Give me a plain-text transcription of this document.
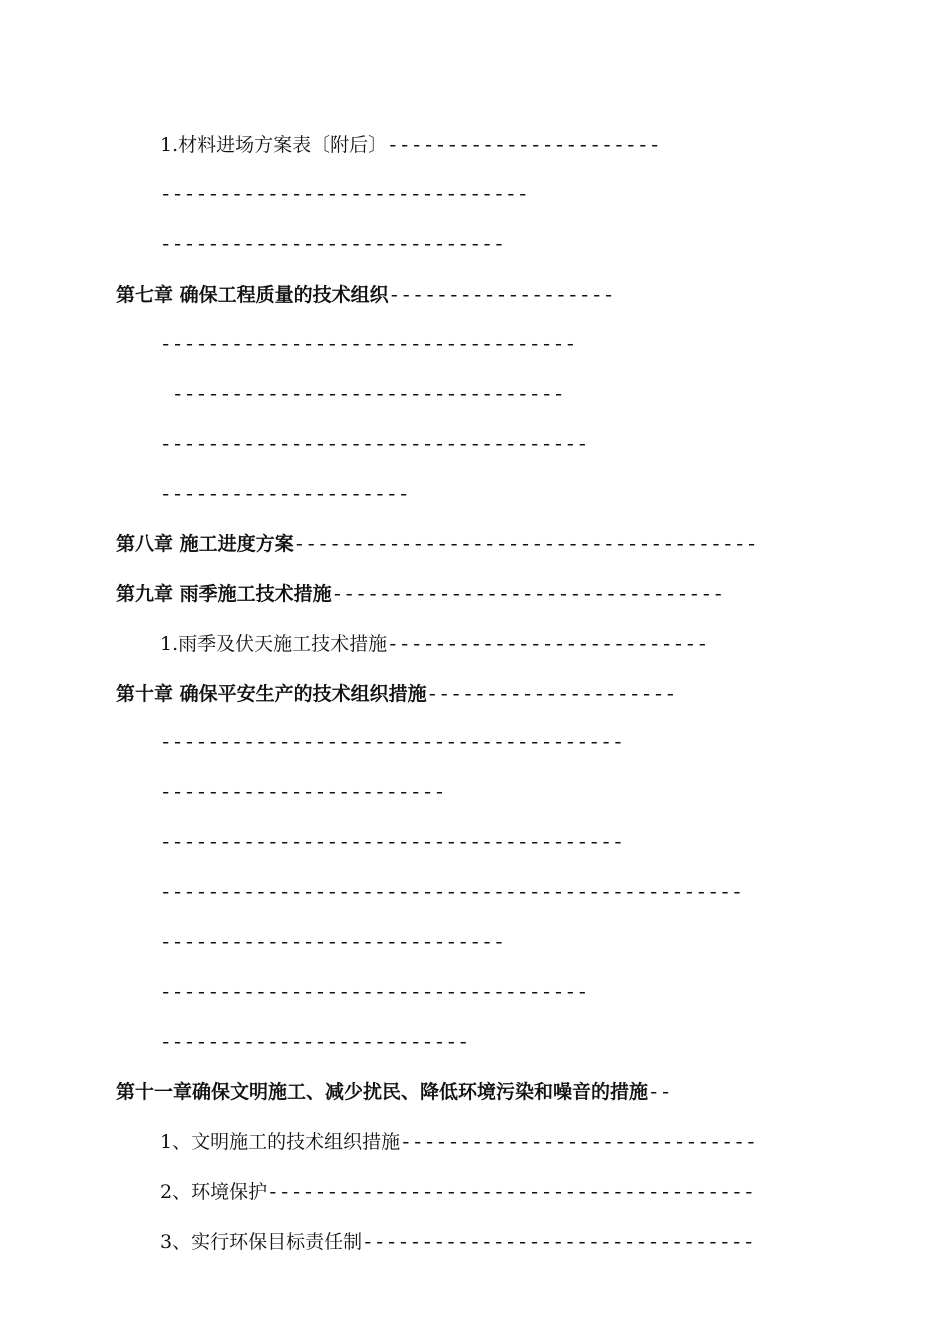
1.材料进场方案表〔附后〕-----------------------
-------------------------------
-----------------------------
第七章 确保工程质量的技术组织-------------------
-----------------------------------
---------------------------------
------------------------------------
---------------------
第八章 施工进度方案---------------------------------------
第九章 雨季施工技术措施---------------------------------
1.雨季及伏天施工技术措施---------------------------
第十章 确保平安生产的技术组织措施---------------------
---------------------------------------
------------------------
---------------------------------------
-------------------------------------------------
-----------------------------
------------------------------------
--------------------------
第十一章确保文明施工、减少扰民、降低环境污染和噪音的措施--
1、文明施工的技术组织措施------------------------------
2、环境保护-----------------------------------------
3、实行环保目标责任制---------------------------------
